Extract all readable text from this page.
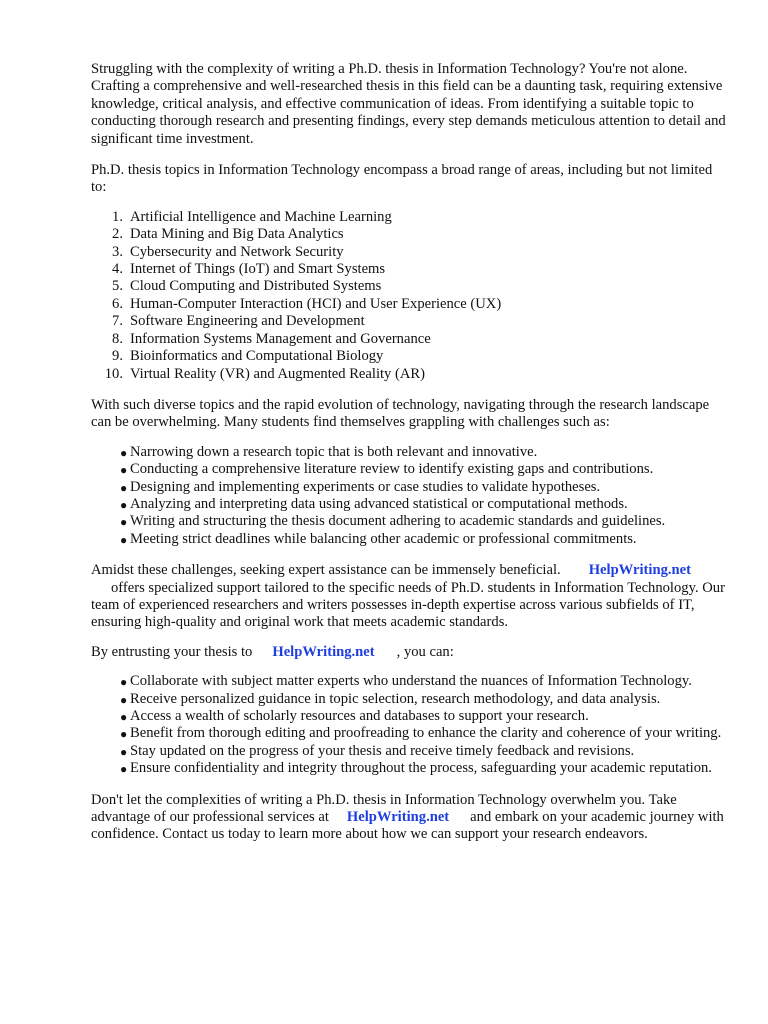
Struggling with the complexity of writing a Ph.D. thesis in Information Technology? You're not alone. Crafting a comprehensive and well-researched thesis in this field can be a daunting task, requiring extensive knowledge, critical analysis, and effective communication of ideas. From identifying a suitable topic to conducting thorough research and presenting findings, every step demands meticulous attention to detail and significant time investment.

Ph.D. thesis topics in Information Technology encompass a broad range of areas, including but not limited to:

1. Artificial Intelligence and Machine Learning
2. Data Mining and Big Data Analytics
3. Cybersecurity and Network Security
4. Internet of Things (IoT) and Smart Systems
5. Cloud Computing and Distributed Systems
6. Human-Computer Interaction (HCI) and User Experience (UX)
7. Software Engineering and Development
8. Information Systems Management and Governance
9. Bioinformatics and Computational Biology
10. Virtual Reality (VR) and Augmented Reality (AR)

With such diverse topics and the rapid evolution of technology, navigating through the research landscape can be overwhelming. Many students find themselves grappling with challenges such as:

● Narrowing down a research topic that is both relevant and innovative.
● Conducting a comprehensive literature review to identify existing gaps and contributions.
● Designing and implementing experiments or case studies to validate hypotheses.
● Analyzing and interpreting data using advanced statistical or computational methods.
● Writing and structuring the thesis document adhering to academic standards and guidelines.
● Meeting strict deadlines while balancing other academic or professional commitments.

Amidst these challenges, seeking expert assistance can be immensely beneficial. HelpWriting.net
offers specialized support tailored to the specific needs of Ph.D. students in Information Technology. Our team of experienced researchers and writers possesses in-depth expertise across various subfields of IT, ensuring high-quality and original work that meets academic standards.

By entrusting your thesis to HelpWriting.net , you can:

● Collaborate with subject matter experts who understand the nuances of Information Technology.
● Receive personalized guidance in topic selection, research methodology, and data analysis.
● Access a wealth of scholarly resources and databases to support your research.
● Benefit from thorough editing and proofreading to enhance the clarity and coherence of your writing.
● Stay updated on the progress of your thesis and receive timely feedback and revisions.
● Ensure confidentiality and integrity throughout the process, safeguarding your academic reputation.

Don't let the complexities of writing a Ph.D. thesis in Information Technology overwhelm you. Take advantage of our professional services at HelpWriting.net and embark on your academic journey with confidence. Contact us today to learn more about how we can support your research endeavors.
